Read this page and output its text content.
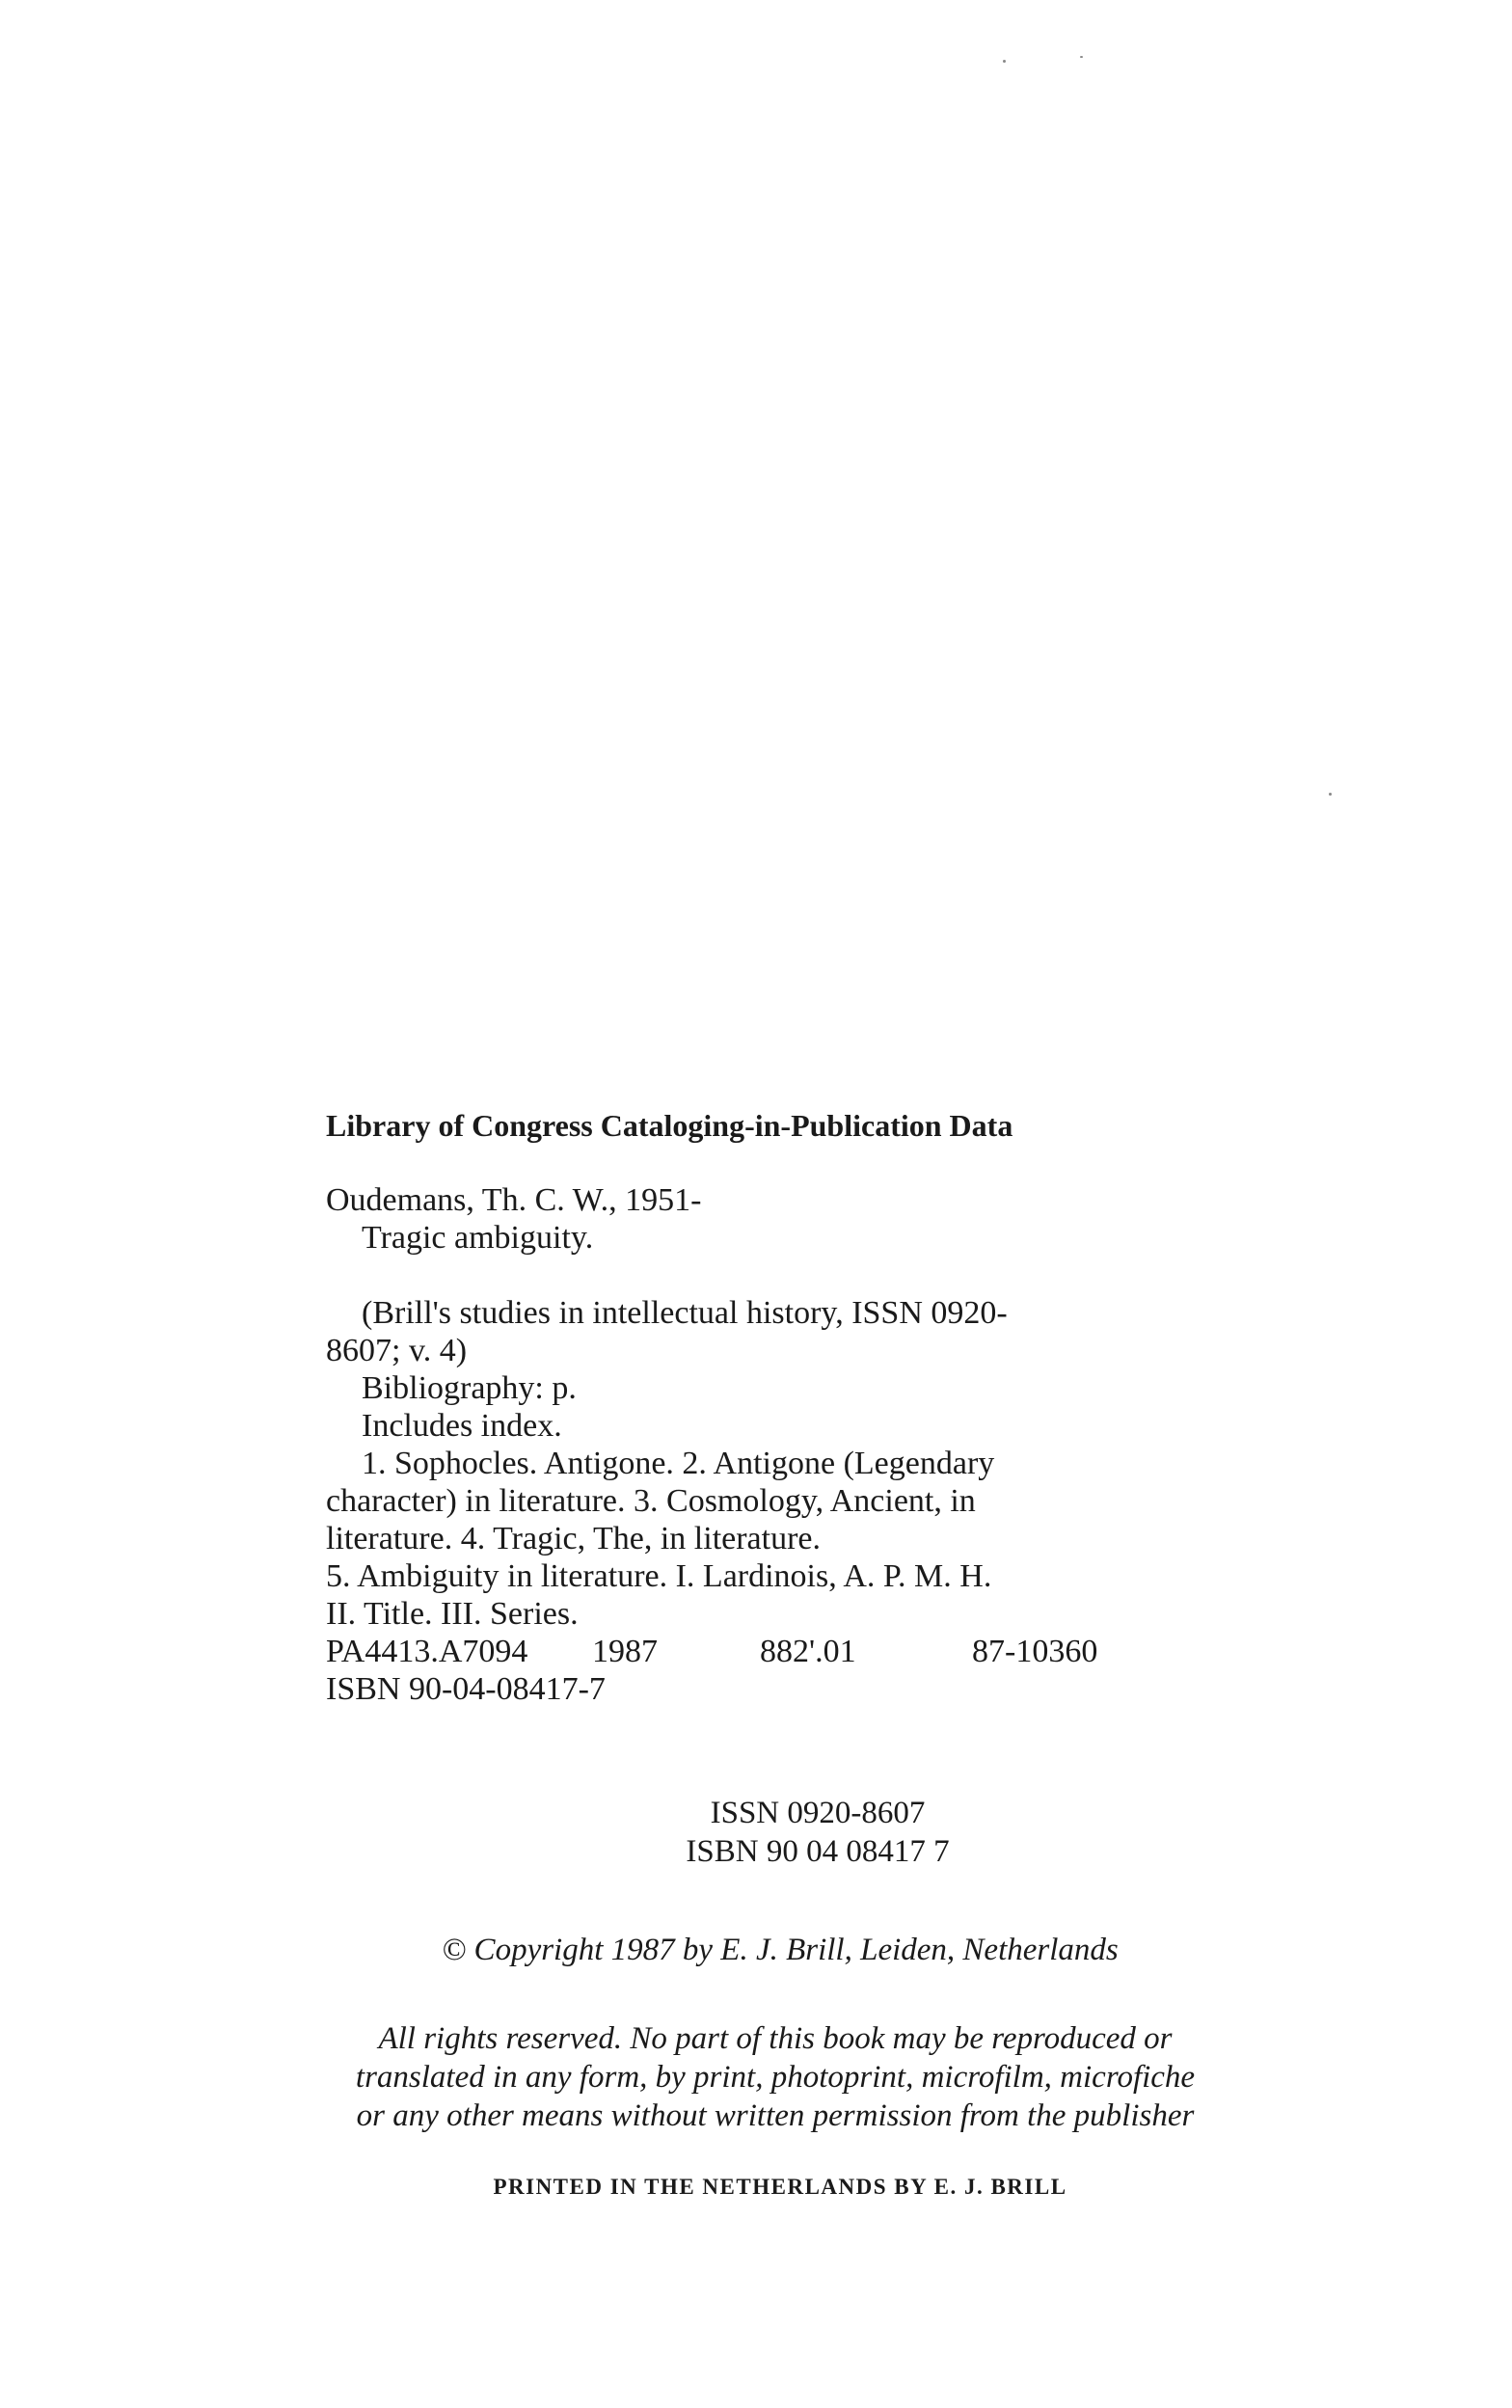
Library of Congress Cataloging-in-Publication Data
Oudemans, Th. C. W., 1951-
Tragic ambiguity.
(Brill's studies in intellectual history, ISSN 0920-
8607; v. 4)
Bibliography: p.
Includes index.
1. Sophocles. Antigone. 2. Antigone (Legendary
character) in literature. 3. Cosmology, Ancient, in
literature. 4. Tragic, The, in literature.
5. Ambiguity in literature. I. Lardinois, A. P. M. H.
II. Title. III. Series.
PA4413.A7094 1987	882'.01	87-10360
ISBN 90-04-08417-7
ISSN 0920-8607
ISBN 90 04 08417 7
© Copyright 1987 by E. J. Brill, Leiden, Netherlands
All rights reserved. No part of this book may be reproduced or
translated in any form, by print, photoprint, microfilm, microfiche
or any other means without written permission from the publisher
PRINTED IN THE NETHERLANDS BY E. J. BRILL
